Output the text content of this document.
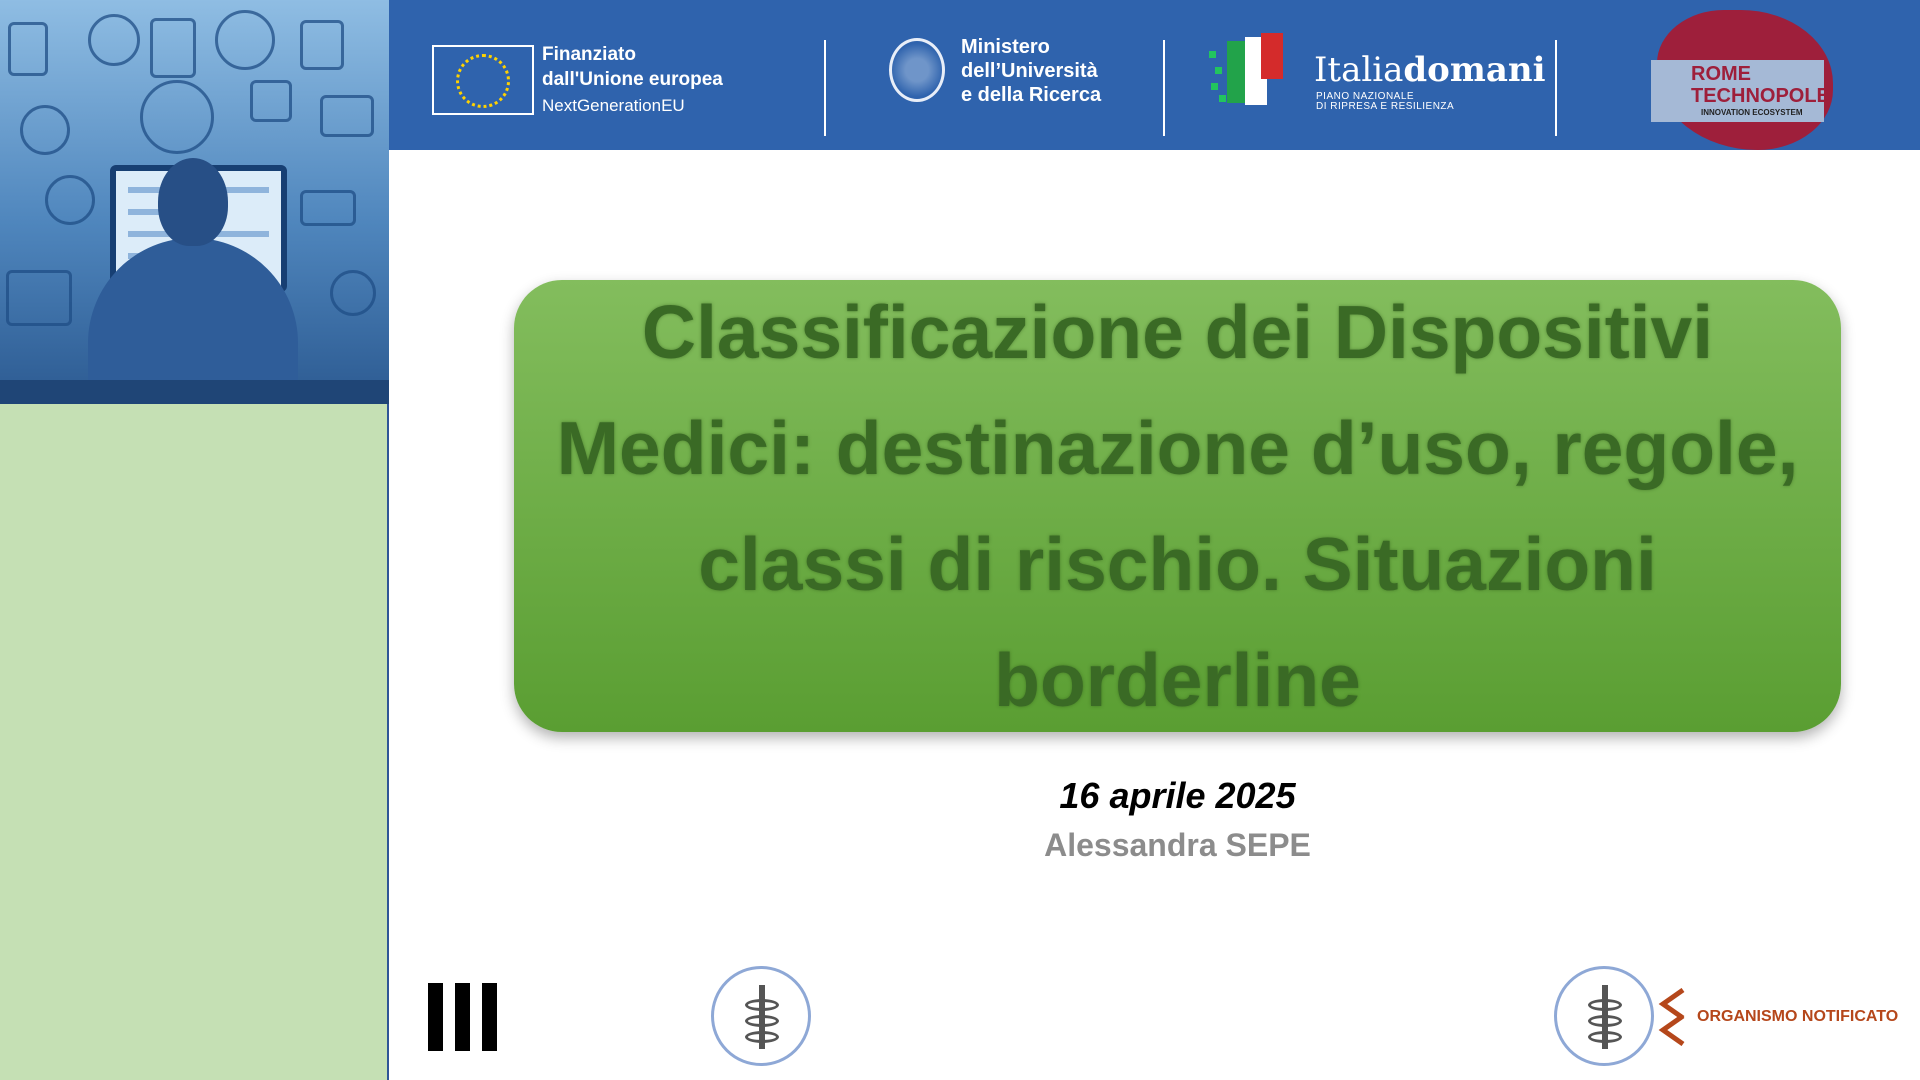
Finanziato
dall'Unione europea
NextGenerationEU
Ministero
dell’Università
e della Ricerca
Italiadomani
PIANO NAZIONALE
DI RIPRESA E RESILIENZA
ROME
TECHNOPOLE
INNOVATION ECOSYSTEM
Classificazione dei Dispositivi Medici: destinazione d’uso, regole, classi di rischio. Situazioni borderline
16 aprile 2025
Alessandra SEPE
ORGANISMO NOTIFICATO
